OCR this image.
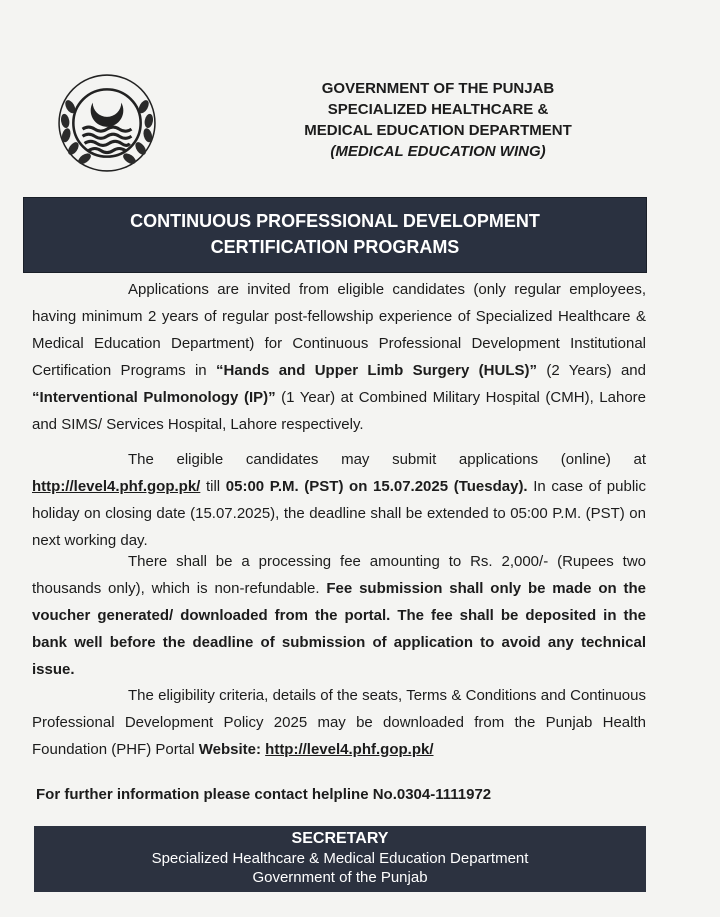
GOVERNMENT OF THE PUNJAB
SPECIALIZED HEALTHCARE &
MEDICAL EDUCATION DEPARTMENT
(MEDICAL EDUCATION WING)
CONTINUOUS PROFESSIONAL DEVELOPMENT
CERTIFICATION PROGRAMS
Applications are invited from eligible candidates (only regular employees, having minimum 2 years of regular post-fellowship experience of Specialized Healthcare & Medical Education Department) for Continuous Professional Development Institutional Certification Programs in “Hands and Upper Limb Surgery (HULS)” (2 Years) and “Interventional Pulmonology (IP)” (1 Year) at Combined Military Hospital (CMH), Lahore and SIMS/ Services Hospital, Lahore respectively.
The eligible candidates may submit applications (online) at http://level4.phf.gop.pk/ till 05:00 P.M. (PST) on 15.07.2025 (Tuesday). In case of public holiday on closing date (15.07.2025), the deadline shall be extended to 05:00 P.M. (PST) on next working day.
There shall be a processing fee amounting to Rs. 2,000/- (Rupees two thousands only), which is non-refundable. Fee submission shall only be made on the voucher generated/ downloaded from the portal. The fee shall be deposited in the bank well before the deadline of submission of application to avoid any technical issue.
The eligibility criteria, details of the seats, Terms & Conditions and Continuous Professional Development Policy 2025 may be downloaded from the Punjab Health Foundation (PHF) Portal Website: http://level4.phf.gop.pk/
For further information please contact helpline No.0304-1111972
SECRETARY
Specialized Healthcare & Medical Education Department
Government of the Punjab
